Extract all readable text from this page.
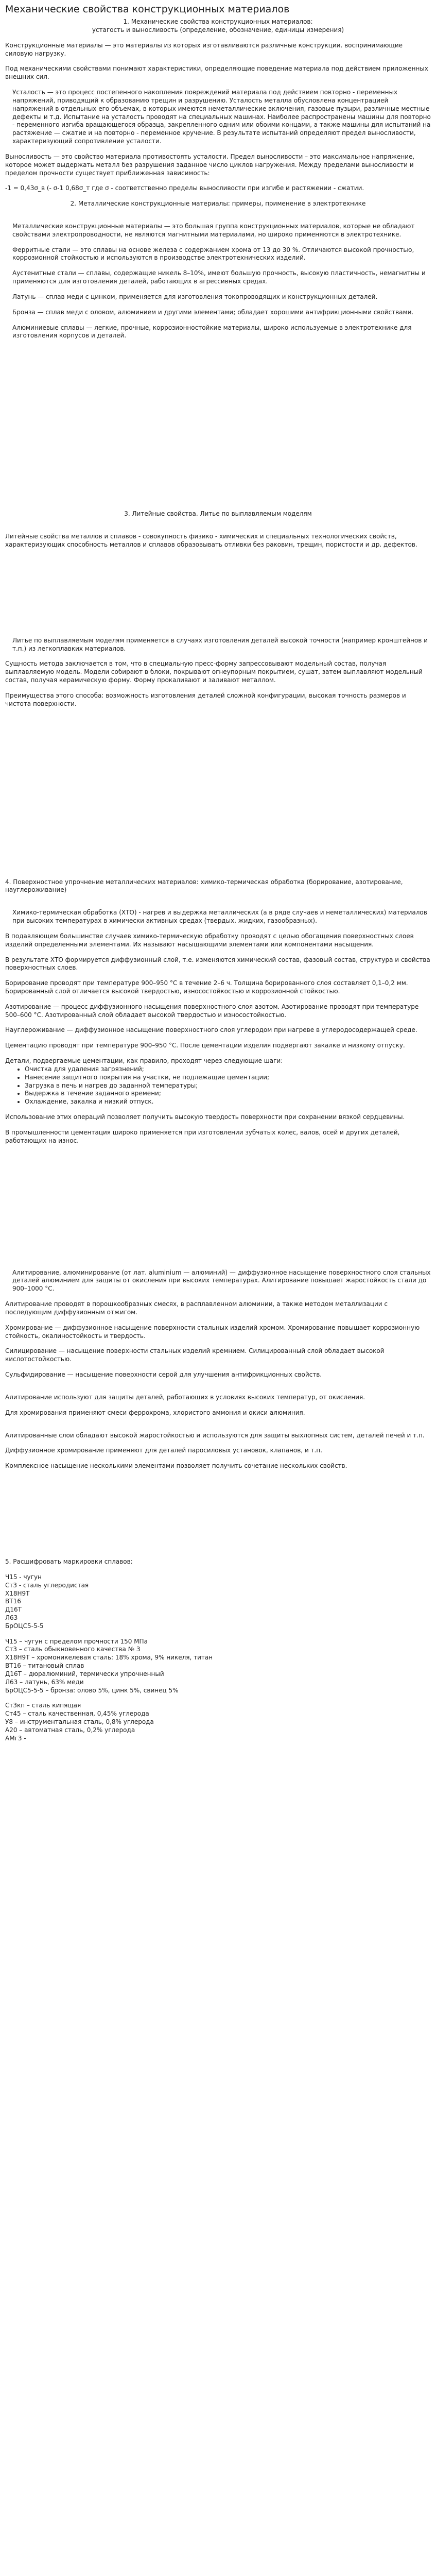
Механические свойства конструкционных материалов
1. Механические свойства конструкционных материалов:
устагость и выносливость (определение, обозначение, единицы измерения)

Конструкционные материалы — это материалы из которых изготавливаются различные конструкции. воспринимающие силовую нагрузку.

Под механическими свойствами понимают характеристики, определяющие поведение материала под действием приложенных внешних сил.

Усталость — это процесс постепенного накопления повреждений материала под действием повторно - переменных напряжений, приводящий к образованию трещин и разрушению. Усталость металла обусловлена концентрацией напряжений в отдельных его объемах, в которых имеются неметаллические включения, газовые пузыри, различные местные дефекты и т.д. Испытание на усталость проводят на специальных машинах. Наиболее распространены машины для повторно - переменного изгиба вращающегося образца, закрепленного одним или обоими концами, а также машины для испытаний на растяжение — сжатие и на повторно - переменное кручение. В результате испытаний определяют предел выносливости, характеризующий сопротивление усталости.

Выносливость — это свойство материала противостоять усталости. Предел выносливости – это максимальное напряжение, которое может выдержать металл без разрушения заданное число циклов нагружения. Между пределами выносливости и пределом прочности существует приближенная зависимость:

-1 = 0,43σ_в (- σ-1 0,68σ_т где σ - соответственно пределы выносливости при изгибе и растяжении - сжатии.

2. Металлические конструкционные материалы: примеры, применение в электротехнике

Металлические конструкционные материалы — это большая группа конструкционных материалов, которые не обладают свойствами электропроводности, не являются магнитными материалами, но широко применяются в электротехнике.

Ферритные стали — это сплавы на основе железа с содержанием хрома от 13 до 30 %. Отличаются высокой прочностью, коррозионной стойкостью и используются в производстве электротехнических изделий.

Аустенитные стали — сплавы, содержащие никель 8–10%, имеют большую прочность, высокую пластичность, немагнитны и применяются для изготовления деталей, работающих в агрессивных средах.

Латунь — сплав меди с цинком, применяется для изготовления токопроводящих и конструкционных деталей.

Бронза — сплав меди с оловом, алюминием и другими элементами; обладает хорошими антифрикционными свойствами.

Алюминиевые сплавы — легкие, прочные, коррозионностойкие материалы, широко используемые в электротехнике для изготовления корпусов и деталей.

3. Литейные свойства. Литье по выплавляемым моделям

Литейные свойства металлов и сплавов - совокупность физико - химических и специальных технологических свойств, характеризующих способность металлов и сплавов образовывать отливки без раковин, трещин, пористости и др. дефектов.

Литье по выплавляемым моделям применяется в случаях изготовления деталей высокой точности (например кронштейнов и т.п.) из легкоплавких материалов.

Сущность метода заключается в том, что в специальную пресс-форму запрессовывают модельный состав, получая выплавляемую модель. Модели собирают в блоки, покрывают огнеупорным покрытием, сушат, затем выплавляют модельный состав, получая керамическую форму. Форму прокаливают и заливают металлом.

Преимущества этого способа: возможность изготовления деталей сложной конфигурации, высокая точность размеров и чистота поверхности.

4. Поверхностное упрочнение металлических материалов: химико-термическая обработка (борирование, азотирование, науглероживание)

Химико-термическая обработка (ХТО) - нагрев и выдержка металлических (а в ряде случаев и неметаллических) материалов при высоких температурах в химически активных средах (твердых, жидких, газообразных).

В подавляющем большинстве случаев химико-термическую обработку проводят с целью обогащения поверхностных слоев изделий определенными элементами. Их называют насыщающими элементами или компонентами насыщения.

В результате ХТО формируется диффузионный слой, т.е. изменяются химический состав, фазовый состав, структура и свойства поверхностных слоев.

Борирование проводят при температуре 900–950 °С в течение 2–6 ч. Толщина борированного слоя составляет 0,1–0,2 мм. Борированный слой отличается высокой твердостью, износостойкостью и коррозионной стойкостью.

Азотирование — процесс диффузионного насыщения поверхностного слоя азотом. Азотирование проводят при температуре 500–600 °С. Азотированный слой обладает высокой твердостью и износостойкостью.

Науглероживание — диффузионное насыщение поверхностного слоя углеродом при нагреве в углеродосодержащей среде.

Цементацию проводят при температуре 900–950 °С. После цементации изделия подвергают закалке и низкому отпуску.

Детали, подвергаемые цементации, как правило, проходят через следующие шаги:

• Очистка для удаления загрязнений;
• Нанесение защитного покрытия на участки, не подлежащие цементации;
• Загрузка в печь и нагрев до заданной температуры;
• Выдержка в течение заданного времени;
• Охлаждение, закалка и низкий отпуск.

Использование этих операций позволяет получить высокую твердость поверхности при сохранении вязкой сердцевины.

В промышленности цементация широко применяется при изготовлении зубчатых колес, валов, осей и других деталей, работающих на износ.

Алитирование, алюминирование (от лат. aluminium — алюминий) — диффузионное насыщение поверхностного слоя стальных деталей алюминием для защиты от окисления при высоких температурах. Алитирование повышает жаростойкость стали до 900–1000 °С.

Алитирование проводят в порошкообразных смесях, в расплавленном алюминии, а также методом металлизации с последующим диффузионным отжигом.

Хромирование — диффузионное насыщение поверхности стальных изделий хромом. Хромирование повышает коррозионную стойкость, окалиностойкость и твердость.

Силицирование — насыщение поверхности стальных изделий кремнием. Силицированный слой обладает высокой кислотостойкостью.

Сульфидирование — насыщение поверхности серой для улучшения антифрикционных свойств.

Алитирование используют для защиты деталей, работающих в условиях высоких температур, от окисления.

Для хромирования применяют смеси феррохрома, хлористого аммония и окиси алюминия.

Алитированные слои обладают высокой жаростойкостью и используются для защиты выхлопных систем, деталей печей и т.п.

Диффузионное хромирование применяют для деталей паросиловых установок, клапанов, и т.п.

Комплексное насыщение несколькими элементами позволяет получить сочетание нескольких свойств.

5. Расшифровать маркировки сплавов:

Ч15 - чугун
Ст3 - сталь углеродистая
Х18Н9Т
ВТ16
Д16Т
Л63
БрОЦС5-5-5
Ч15 – чугун с пределом прочности 150 МПа
Ст3 – сталь обыкновенного качества № 3
Х18Н9Т – хромоникелевая сталь: 18% хрома, 9% никеля, титан
ВТ16 – титановый сплав
Д16Т – дюралюминий, термически упрочненный
Л63 – латунь, 63% меди
БрОЦС5-5-5 – бронза: олово 5%, цинк 5%, свинец 5%
Ст3кп – сталь кипящая
Ст45 – сталь качественная, 0,45% углерода
У8 – инструментальная сталь, 0,8% углерода
А20 – автоматная сталь, 0,2% углерода
АМг3 -
